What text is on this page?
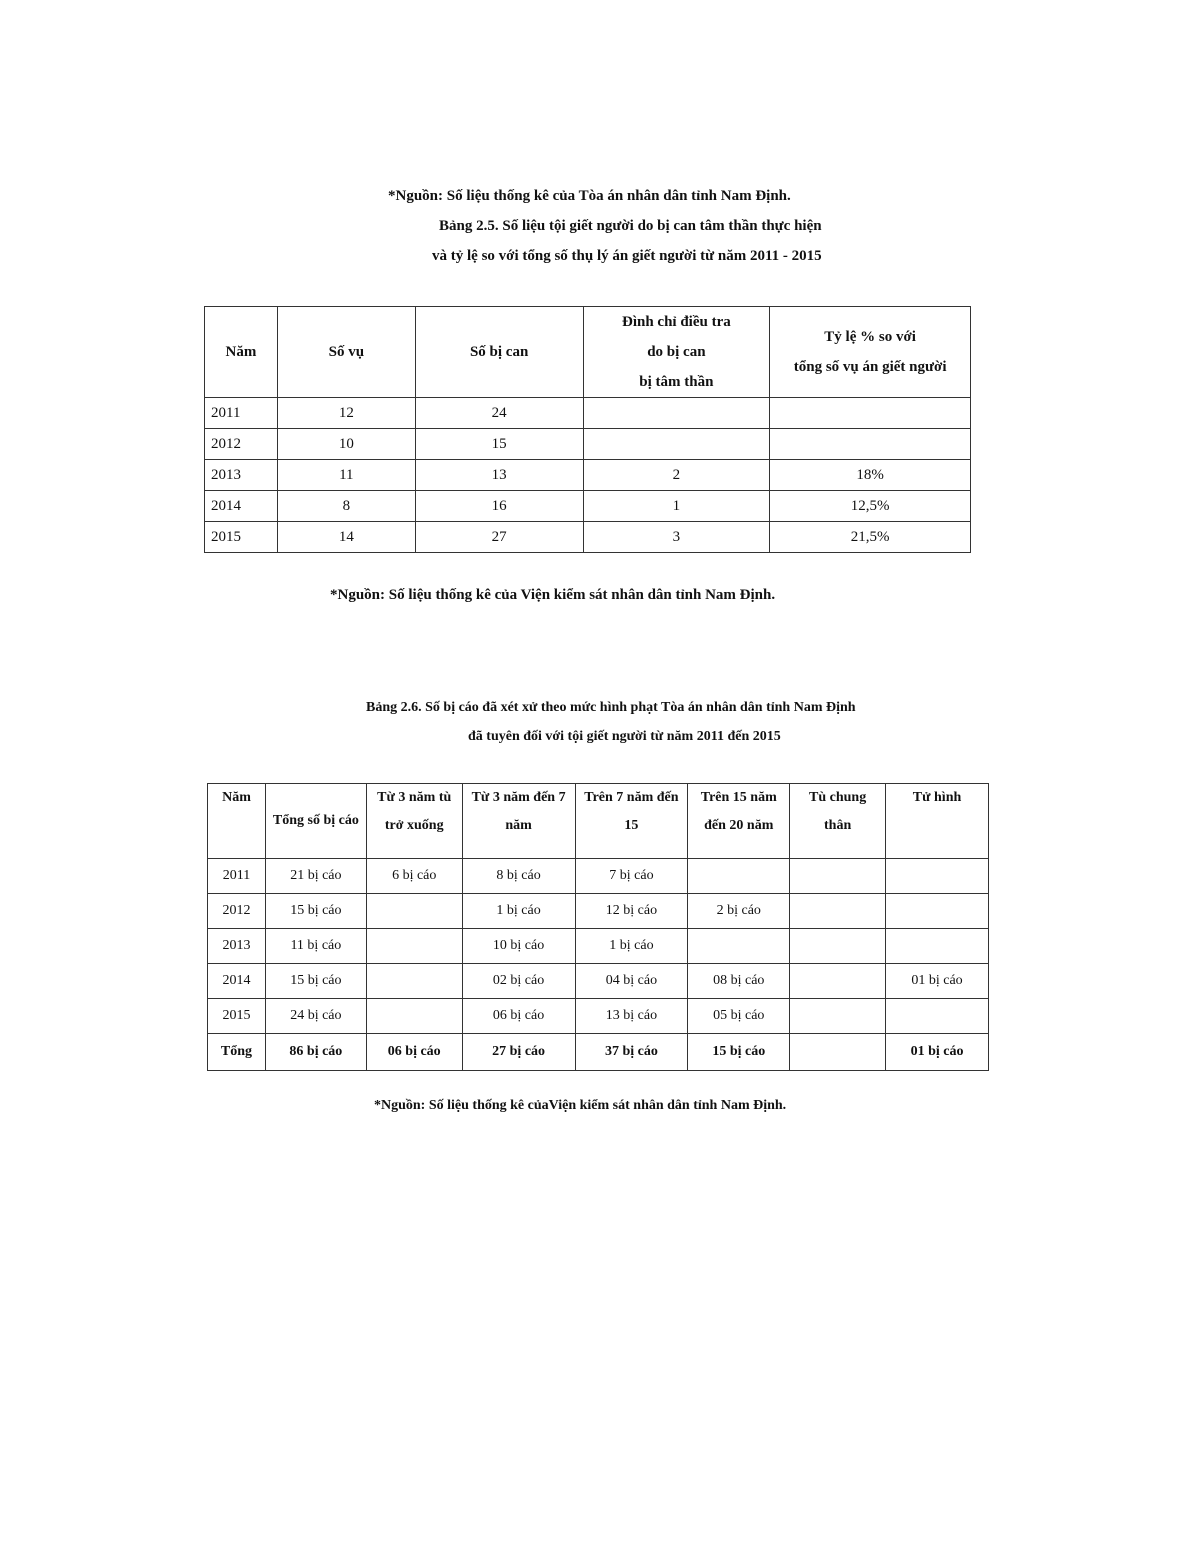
*Nguồn: Số liệu thống kê của Tòa án nhân dân tỉnh Nam Định.
Bảng 2.5. Số liệu tội giết người do bị can tâm thần thực hiện
và tỷ lệ so với tổng số thụ lý án giết người từ năm 2011 - 2015
Năm	Số vụ	Số bị can	Đình chỉ điều tra
do bị can
bị tâm thần	Tỷ lệ % so với
tổng số vụ án giết người
2011	12	24		
2012	10	15		
2013	11	13	2	18%
2014	8	16	1	12,5%
2015	14	27	3	21,5%
*Nguồn: Số liệu thống kê của Viện kiểm sát nhân dân tỉnh Nam Định.
Bảng 2.6. Số bị cáo đã xét xử theo mức hình phạt Tòa án nhân dân tỉnh Nam Định
đã tuyên đối với tội giết người từ năm 2011 đến 2015
Năm	Tổng số bị cáo	Từ 3 năm tù
trở xuống	Từ 3 năm đến 7
năm	Trên 7 năm đến
15	Trên 15 năm
đến 20 năm	Tù chung
thân	Tử hình
2011	21 bị cáo	6 bị cáo	8 bị cáo	7 bị cáo			
2012	15 bị cáo		1 bị cáo	12 bị cáo	2 bị cáo		
2013	11 bị cáo		10 bị cáo	1 bị cáo			
2014	15 bị cáo		02 bị cáo	04 bị cáo	08 bị cáo		01 bị cáo
2015	24 bị cáo		06 bị cáo	13 bị cáo	05 bị cáo		
Tổng	86 bị cáo	06 bị cáo	27 bị cáo	37 bị cáo	15 bị cáo		01 bị cáo
*Nguồn: Số liệu thống kê củaViện kiểm sát nhân dân tỉnh Nam Định.
